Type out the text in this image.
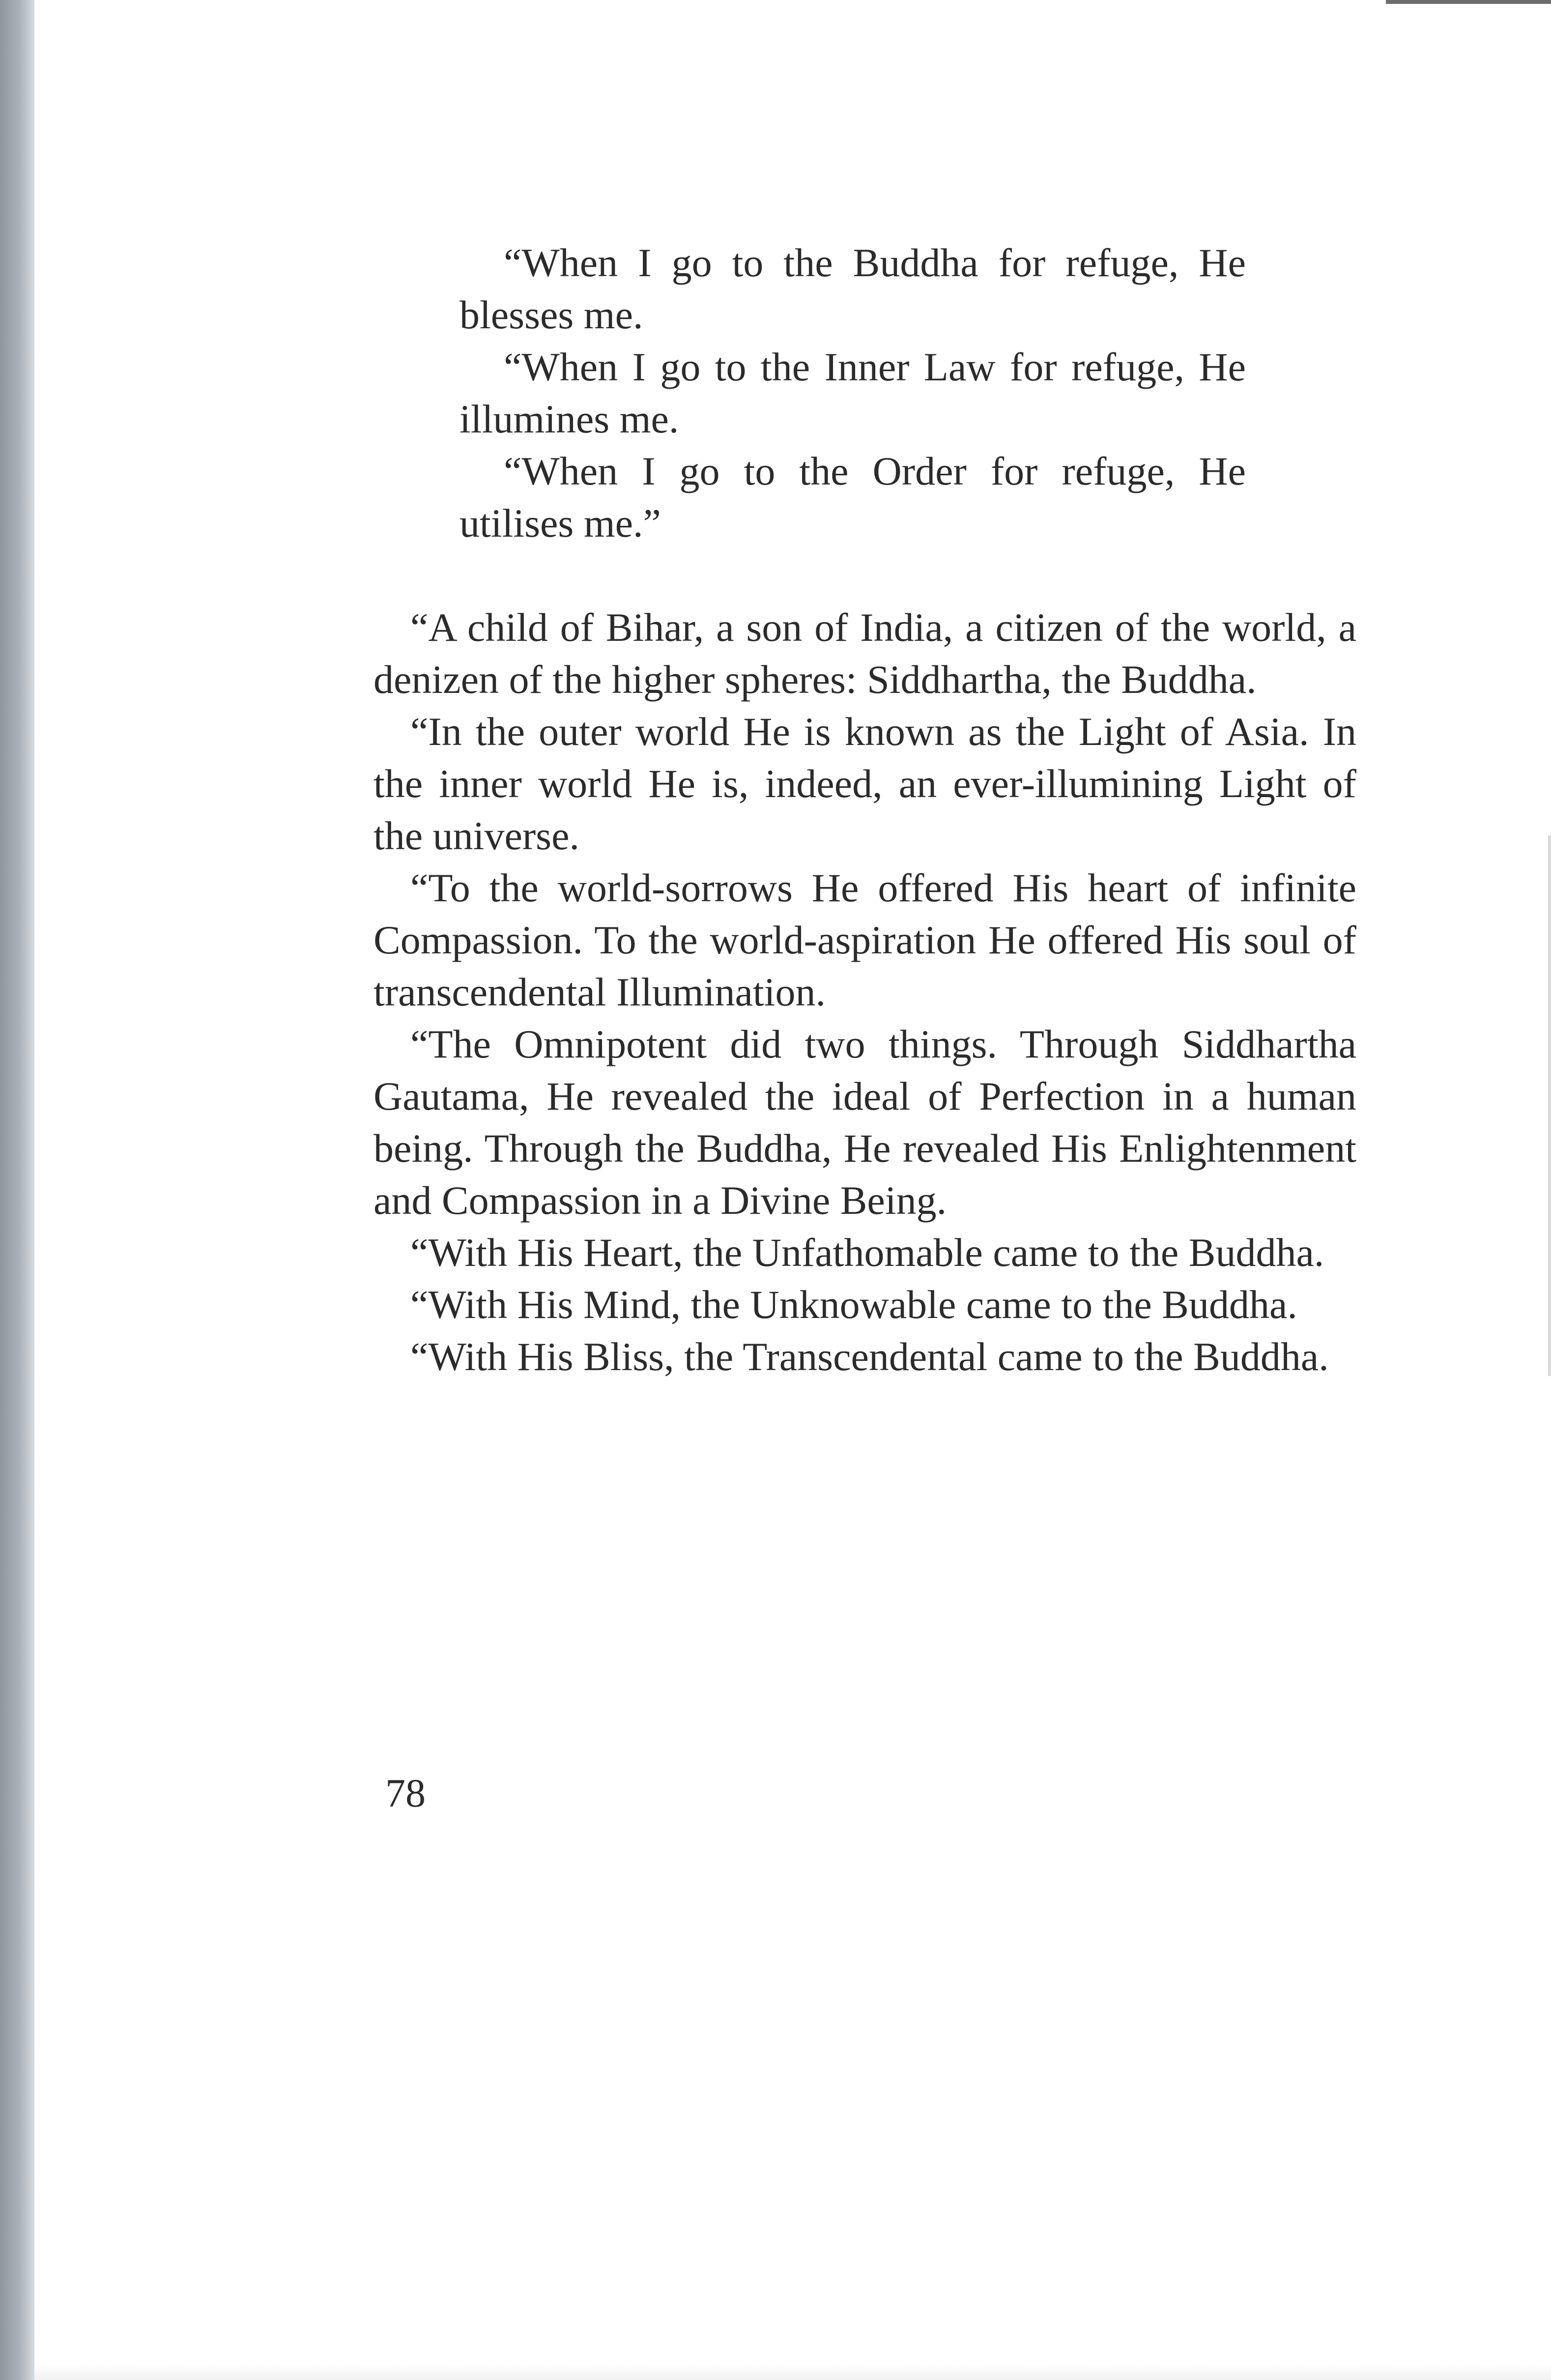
“When I go to the Buddha for refuge, He blesses me.

“When I go to the Inner Law for refuge, He illumines me.

“When I go to the Order for refuge, He utilises me.”

“A child of Bihar, a son of India, a citizen of the world, a denizen of the higher spheres: Siddhartha, the Buddha.

“In the outer world He is known as the Light of Asia. In the inner world He is, indeed, an ever-illumining Light of the universe.

“To the world-sorrows He offered His heart of infinite Compassion. To the world-aspiration He offered His soul of transcendental Illumination.

“The Omnipotent did two things. Through Siddhartha Gautama, He revealed the ideal of Perfection in a human being. Through the Buddha, He revealed His Enlightenment and Compassion in a Divine Being.

“With His Heart, the Unfathomable came to the Buddha.

“With His Mind, the Unknowable came to the Buddha.

“With His Bliss, the Transcendental came to the Buddha.

78
